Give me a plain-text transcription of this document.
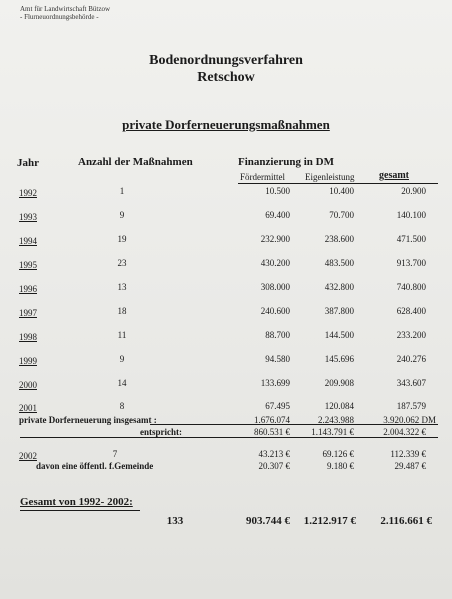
Amt für Landwirtschaft Bützow
- Flurneuordnungsbehörde -
Bodenordnungsverfahren
Retschow
private Dorferneuerungsmaßnahmen
Jahr	Anzahl der Maßnahmen	Finanzierung in DM
Fördermittel Eigenleistung gesamt
1992	1	10.500	10.400	20.900
1993	9	69.400	70.700	140.100
1994	19	232.900	238.600	471.500
1995	23	430.200	483.500	913.700
1996	13	308.000	432.800	740.800
1997	18	240.600	387.800	628.400
1998	11	88.700	144.500	233.200
1999	9	94.580	145.696	240.276
2000	14	133.699	209.908	343.607
2001	8	67.495	120.084	187.579
private Dorferneuerung insgesamt :	1.676.074	2.243.988	3.920.062 DM
entspricht:	860.531 €	1.143.791 €	2.004.322 €
2002	7	43.213 €	69.126 €	112.339 €
davon eine öffentl. f.Gemeinde	20.307 €	9.180 €	29.487 €
Gesamt von 1992- 2002:
133	903.744 €	1.212.917 €	2.116.661 €
